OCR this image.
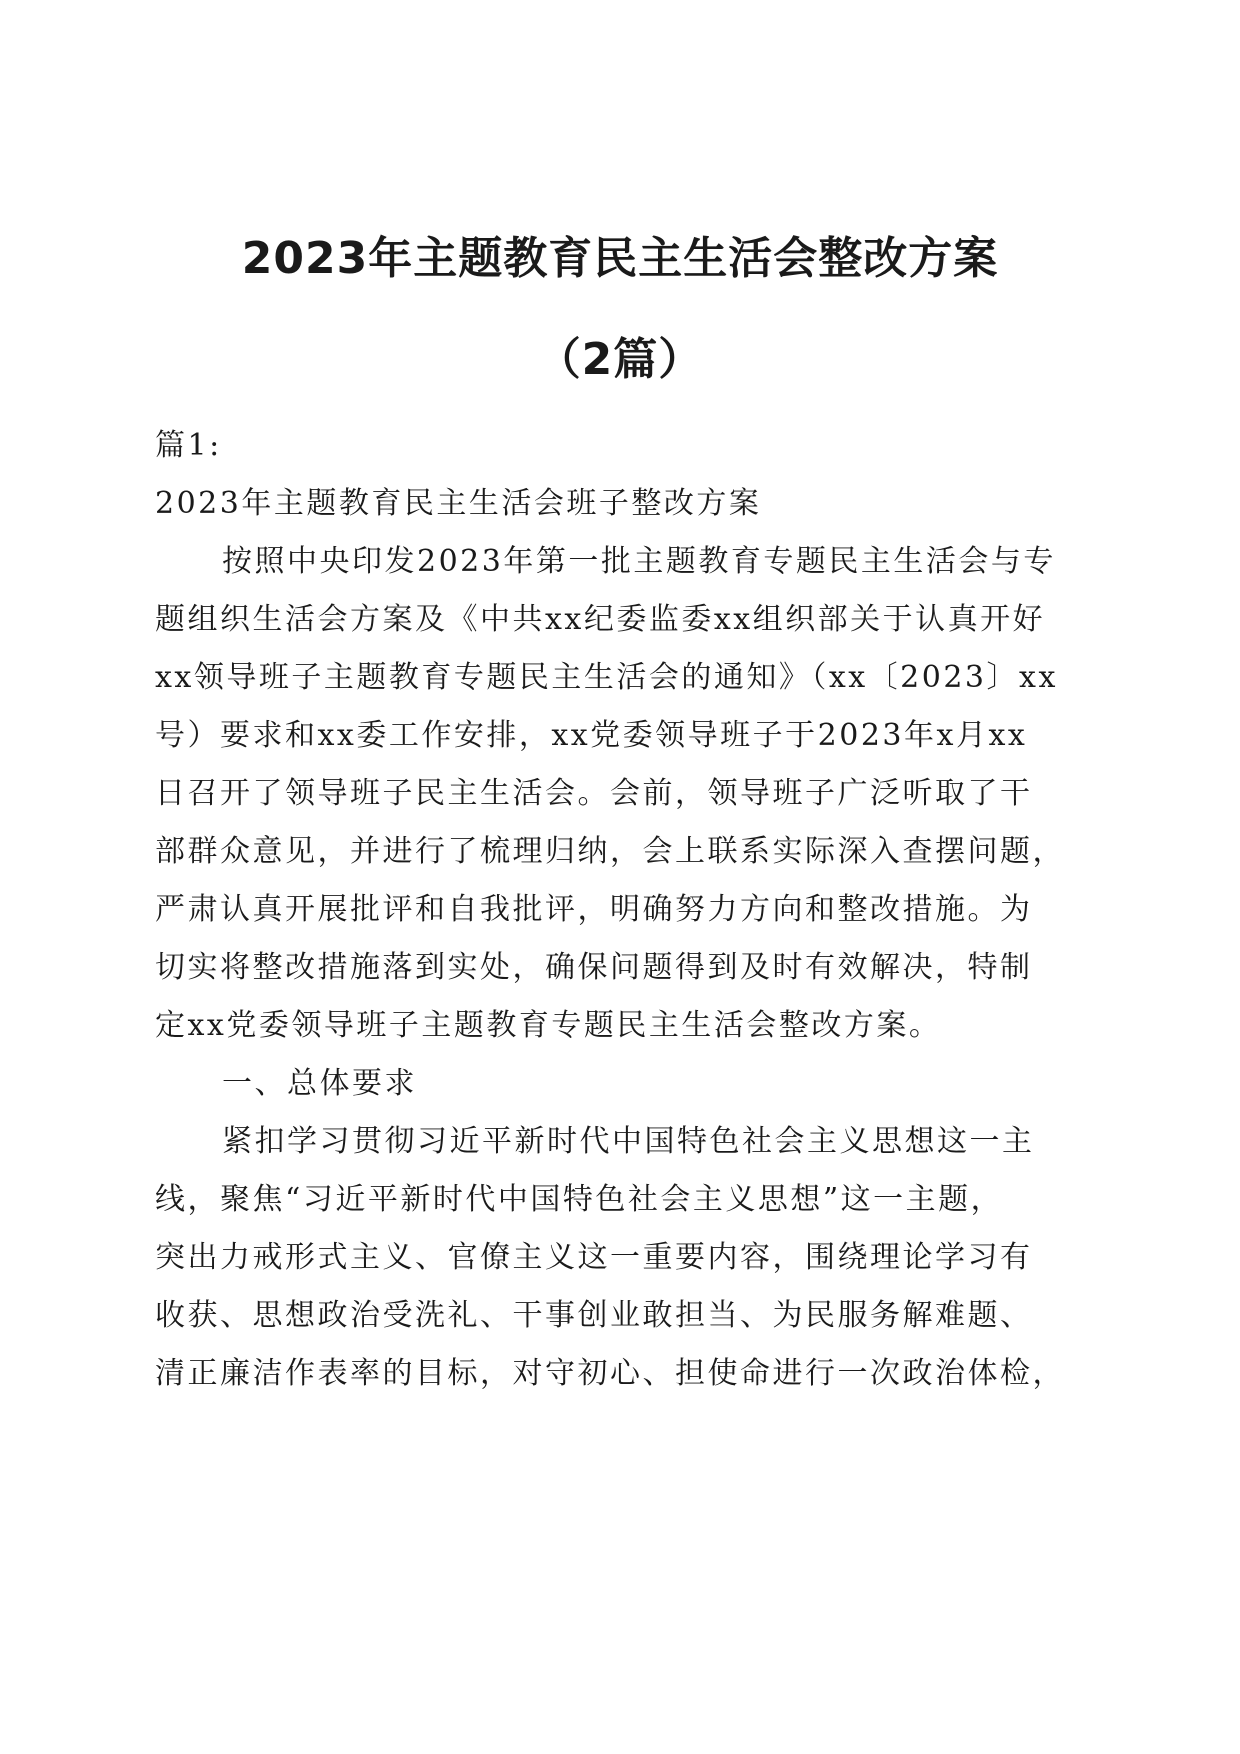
2023年主题教育民主生活会整改方案
（2篇）

篇1:

2023年主题教育民主生活会班子整改方案

按照中央印发2023年第一批主题教育专题民主生活会与专

题组织生活会方案及《中共xx纪委监委xx组织部关于认真开好

xx领导班子主题教育专题民主生活会的通知》（xx〔2023〕xx

号）要求和xx委工作安排，xx党委领导班子于2023年x月xx

日召开了领导班子民主生活会。会前，领导班子广泛听取了干

部群众意见，并进行了梳理归纳，会上联系实际深入查摆问题，

严肃认真开展批评和自我批评，明确努力方向和整改措施。为

切实将整改措施落到实处，确保问题得到及时有效解决，特制

定xx党委领导班子主题教育专题民主生活会整改方案。

一、总体要求

紧扣学习贯彻习近平新时代中国特色社会主义思想这一主

线，聚焦“习近平新时代中国特色社会主义思想”这一主题，

突出力戒形式主义、官僚主义这一重要内容，围绕理论学习有

收获、思想政治受洗礼、干事创业敢担当、为民服务解难题、

清正廉洁作表率的目标，对守初心、担使命进行一次政治体检，
